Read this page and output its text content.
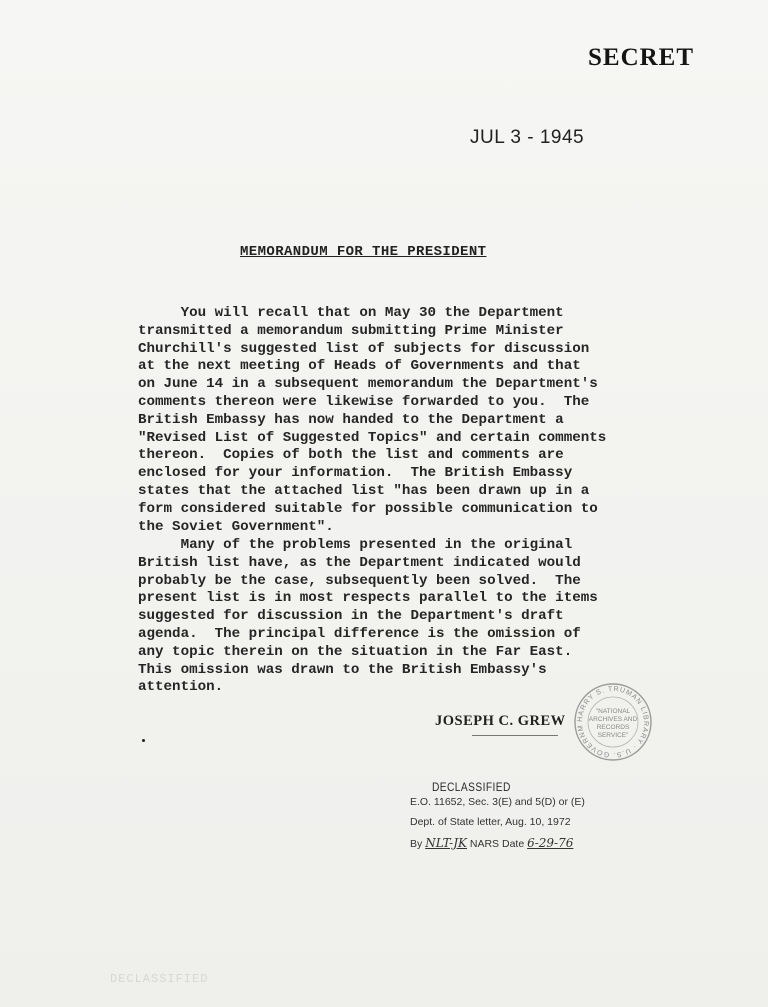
SECRET
JUL 3 - 1945
MEMORANDUM FOR THE PRESIDENT
You will recall that on May 30 the Department
transmitted a memorandum submitting Prime Minister
Churchill's suggested list of subjects for discussion
at the next meeting of Heads of Governments and that
on June 14 in a subsequent memorandum the Department's
comments thereon were likewise forwarded to you.  The
British Embassy has now handed to the Department a
"Revised List of Suggested Topics" and certain comments
thereon.  Copies of both the list and comments are
enclosed for your information.  The British Embassy
states that the attached list "has been drawn up in a
form considered suitable for possible communication to
the Soviet Government".
Many of the problems presented in the original
British list have, as the Department indicated would
probably be the case, subsequently been solved.  The
present list is in most respects parallel to the items
suggested for discussion in the Department's draft
agenda.  The principal difference is the omission of
any topic therein on the situation in the Far East.
This omission was drawn to the British Embassy's
attention.
JOSEPH C. GREW	HARRY S. TRUMAN LIBRARY · U.S. GOVERNM
"NATIONAL
ARCHIVES AND
RECORDS
SERVICE"
DECLASSIFIED
E.O. 11652, Sec. 3(E) and 5(D) or (E)
Dept. of State letter, Aug. 10, 1972
By NLT-JK NARS Date 6-29-76
DECLASSIFIED
